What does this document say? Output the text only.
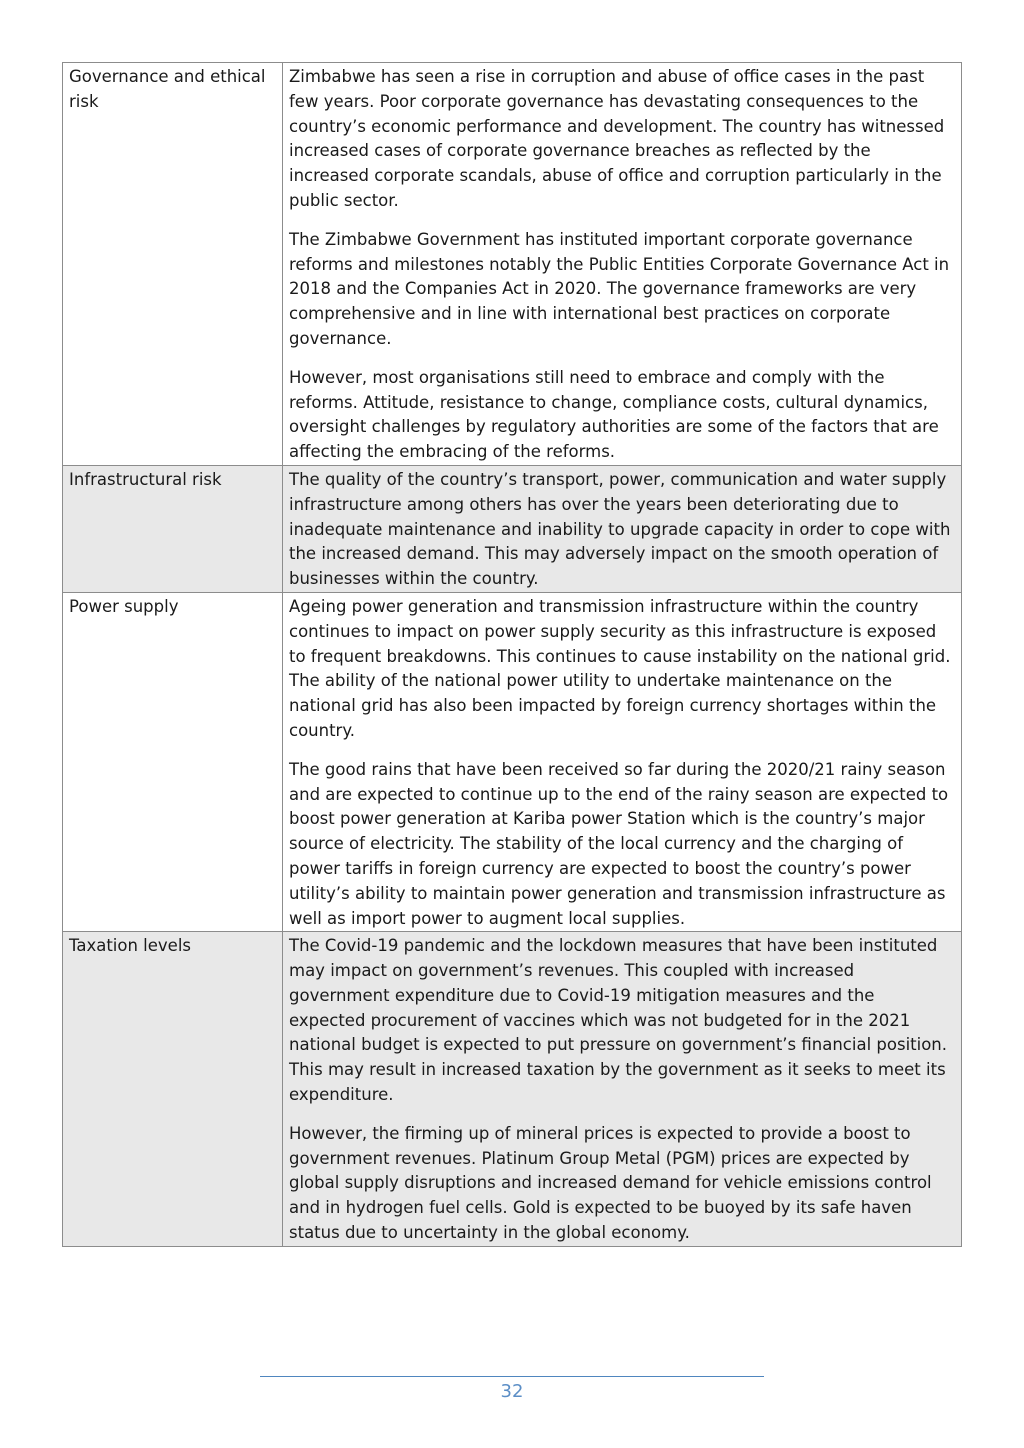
Governance and ethical risk	Zimbabwe has seen a rise in corruption and abuse of office cases in the past few years. Poor corporate governance has devastating consequences to the country’s economic performance and development. The country has witnessed increased cases of corporate governance breaches as reflected by the increased corporate scandals, abuse of office and corruption particularly in the public sector.

The Zimbabwe Government has instituted important corporate governance reforms and milestones notably the Public Entities Corporate Governance Act in 2018 and the Companies Act in 2020. The governance frameworks are very comprehensive and in line with international best practices on corporate governance.

However, most organisations still need to embrace and comply with the reforms. Attitude, resistance to change, compliance costs, cultural dynamics, oversight challenges by regulatory authorities are some of the factors that are affecting the embracing of the reforms.

Infrastructural risk	The quality of the country’s transport, power, communication and water supply infrastructure among others has over the years been deteriorating due to inadequate maintenance and inability to upgrade capacity in order to cope with the increased demand. This may adversely impact on the smooth operation of businesses within the country.

Power supply	Ageing power generation and transmission infrastructure within the country continues to impact on power supply security as this infrastructure is exposed to frequent breakdowns. This continues to cause instability on the national grid. The ability of the national power utility to undertake maintenance on the national grid has also been impacted by foreign currency shortages within the country.

The good rains that have been received so far during the 2020/21 rainy season and are expected to continue up to the end of the rainy season are expected to boost power generation at Kariba power Station which is the country’s major source of electricity. The stability of the local currency and the charging of power tariffs in foreign currency are expected to boost the country’s power utility’s ability to maintain power generation and transmission infrastructure as well as import power to augment local supplies.

Taxation levels	The Covid-19 pandemic and the lockdown measures that have been instituted may impact on government’s revenues. This coupled with increased government expenditure due to Covid-19 mitigation measures and the expected procurement of vaccines which was not budgeted for in the 2021 national budget is expected to put pressure on government’s financial position. This may result in increased taxation by the government as it seeks to meet its expenditure.

However, the firming up of mineral prices is expected to provide a boost to government revenues. Platinum Group Metal (PGM) prices are expected by global supply disruptions and increased demand for vehicle emissions control and in hydrogen fuel cells. Gold is expected to be buoyed by its safe haven status due to uncertainty in the global economy.

32
